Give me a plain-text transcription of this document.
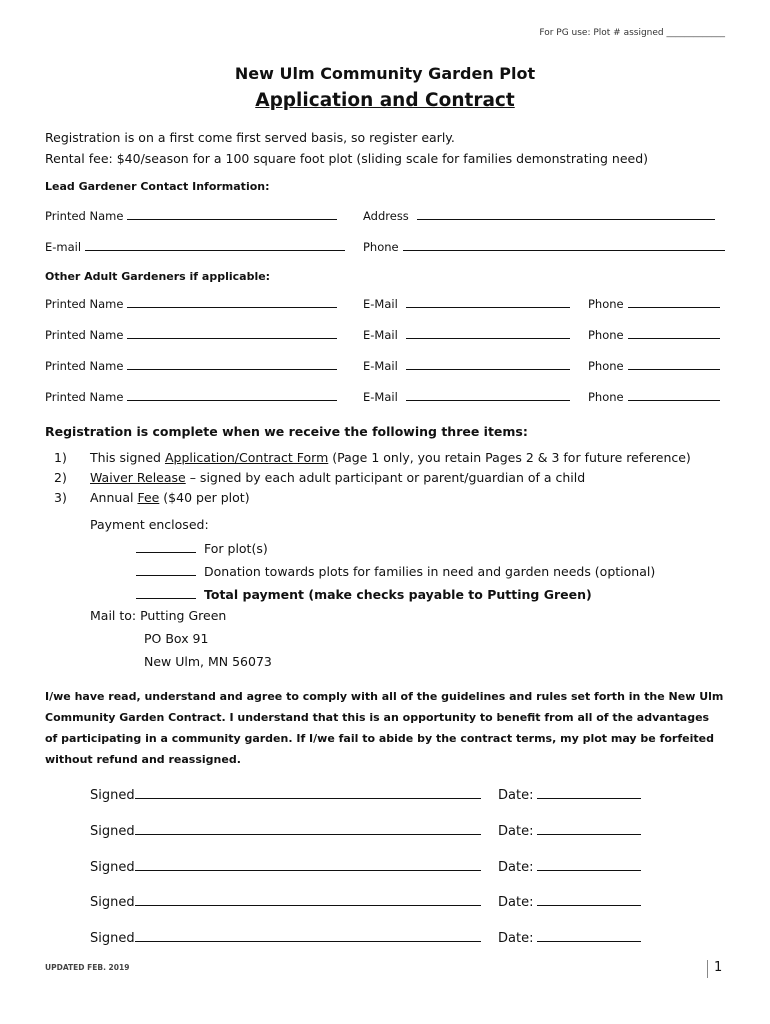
For PG use: Plot # assigned _____________
New Ulm Community Garden Plot
Application and Contract
Registration is on a first come first served basis, so register early.
Rental fee: $40/season for a 100 square foot plot (sliding scale for families demonstrating need)
Lead Gardener Contact Information:
Printed Name	Address
E-mail	Phone
Other Adult Gardeners if applicable:
Printed Name	E-Mail	Phone
Printed Name	E-Mail	Phone
Printed Name	E-Mail	Phone
Printed Name	E-Mail	Phone
Registration is complete when we receive the following three items:
1) This signed Application/Contract Form (Page 1 only, you retain Pages 2 & 3 for future reference)
2) Waiver Release – signed by each adult participant or parent/guardian of a child
3) Annual Fee ($40 per plot)
Payment enclosed:
For plot(s)
Donation towards plots for families in need and garden needs (optional)
Total payment (make checks payable to Putting Green)
Mail to: Putting Green
PO Box 91
New Ulm, MN 56073
I/we have read, understand and agree to comply with all of the guidelines and rules set forth in the New Ulm Community Garden Contract. I understand that this is an opportunity to benefit from all of the advantages of participating in a community garden. If I/we fail to abide by the contract terms, my plot may be forfeited without refund and reassigned.
Signed	Date:
Signed	Date:
Signed	Date:
Signed	Date:
Signed	Date:
UPDATED FEB. 2019	1
